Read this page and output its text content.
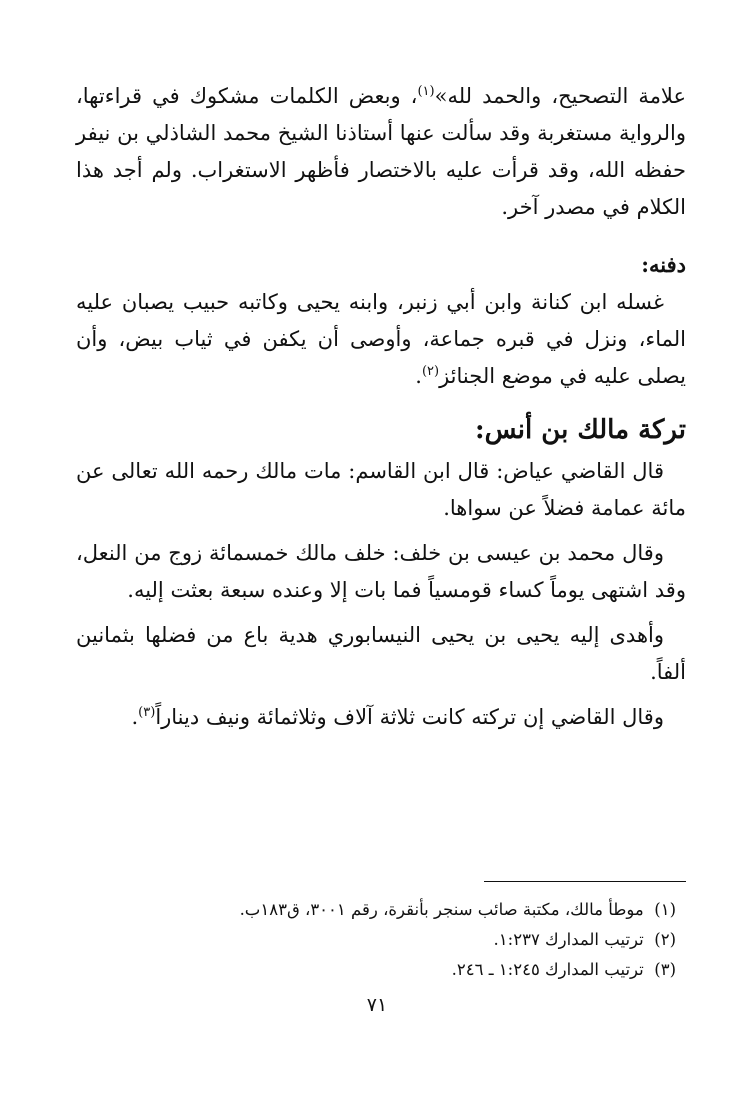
علامة التصحيح، والحمد لله»$^{(١)}$، وبعض الكلمات مشكوك في قراءتها، والرواية مستغربة وقد سألت عنها أستاذنا الشيخ محمد الشاذلي بن نيفر حفظه الله، وقد قرأت عليه بالاختصار فأظهر الاستغراب. ولم أجد هذا الكلام في مصدر آخر.

دفنه:

غسله ابن كنانة وابن أبي زنبر، وابنه يحيى وكاتبه حبيب يصبان عليه الماء، ونزل في قبره جماعة، وأوصى أن يكفن في ثياب بيض، وأن يصلى عليه في موضع الجنائز$^{(٢)}$.

تركة مالك بن أنس:

قال القاضي عياض: قال ابن القاسم: مات مالك رحمه الله تعالى عن مائة عمامة فضلاً عن سواها.

وقال محمد بن عيسى بن خلف: خلف مالك خمسمائة زوج من النعل، وقد اشتهى يوماً كساء قومسياً فما بات إلا وعنده سبعة بعثت إليه.

وأهدى إليه يحيى بن يحيى النيسابوري هدية باع من فضلها بثمانين ألفاً.

وقال القاضي إن تركته كانت ثلاثة آلاف وثلاثمائة ونيف ديناراً$^{(٣)}$.

(١)  موطأ مالك، مكتبة صائب سنجر بأنقرة، رقم ٣٠٠١، ق١٨٣ب.
(٢)  ترتيب المدارك ١:٢٣٧.
(٣)  ترتيب المدارك ١:٢٤٥ ـ ٢٤٦.
٧١
